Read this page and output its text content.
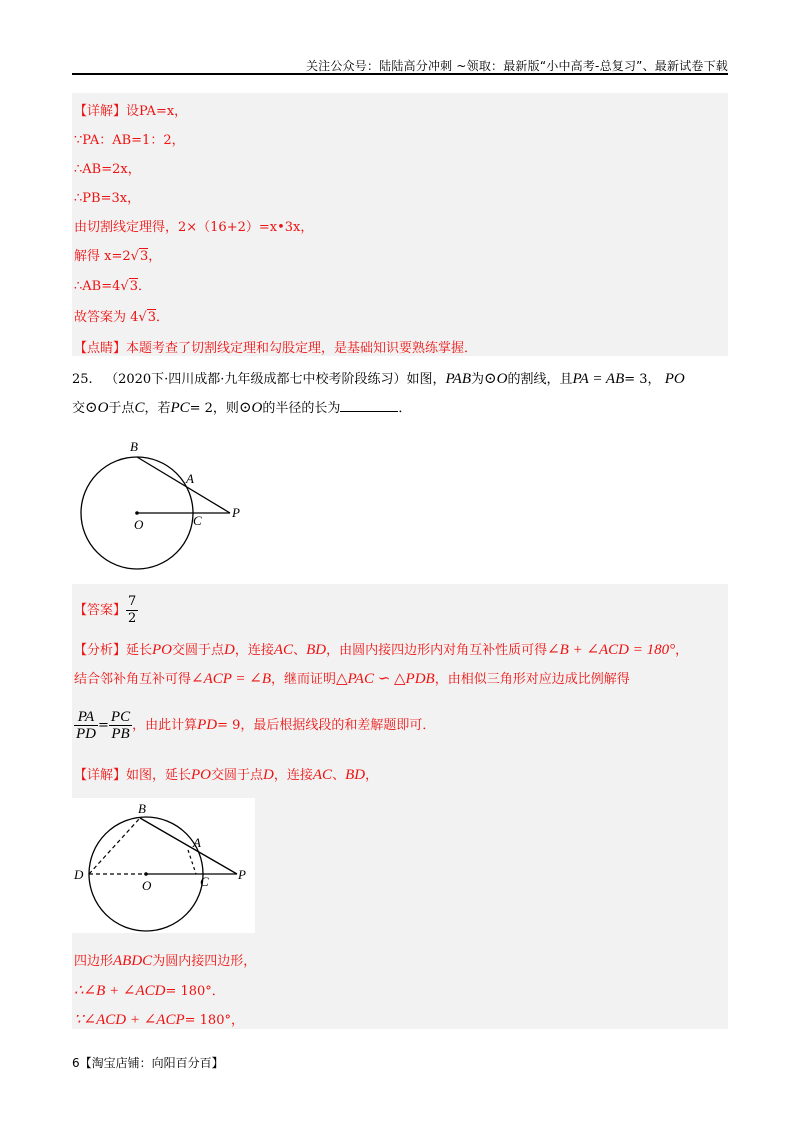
关注公众号：陆陆高分冲刺 ~领取：最新版“小中高考-总复习”、最新试卷下载
【详解】设PA=x，
∵PA：AB=1：2，
∴AB=2x，
∴PB=3x，
由切割线定理得，2×（16+2）=x•3x，
解得 x=2√3，
∴AB=4√3．
故答案为 4√3．
【点睛】本题考查了切割线定理和勾股定理，是基础知识要熟练掌握．
25. （2020下·四川成都·九年级成都七中校考阶段练习）如图，PAB为⊙O的割线，且PA = AB= 3， PO
交⊙O于点C，若PC= 2，则⊙O的半径的长为	．
B
A
O	C
P
【答案】 $\frac{7}{2}$
【分析】延长PO交圆于点D，连接AC、BD，由圆内接四边形内对角互补性质可得∠B + ∠ACD = 180°，
结合邻补角互补可得∠ACP = ∠B，继而证明△PAC ∽ △PDB，由相似三角形对应边成比例解得
$\frac{PA}{PD} = \frac{PC}{PB}$ ，由此计算PD= 9，最后根据线段的和差解题即可．
【详解】如图，延长PO交圆于点D，连接AC、BD，
B
A
D
O	C P
四边形ABDC为圆内接四边形，
∴∠B + ∠ACD= 180°．
∵∠ACD + ∠ACP= 180°，
6【淘宝店铺：向阳百分百】
